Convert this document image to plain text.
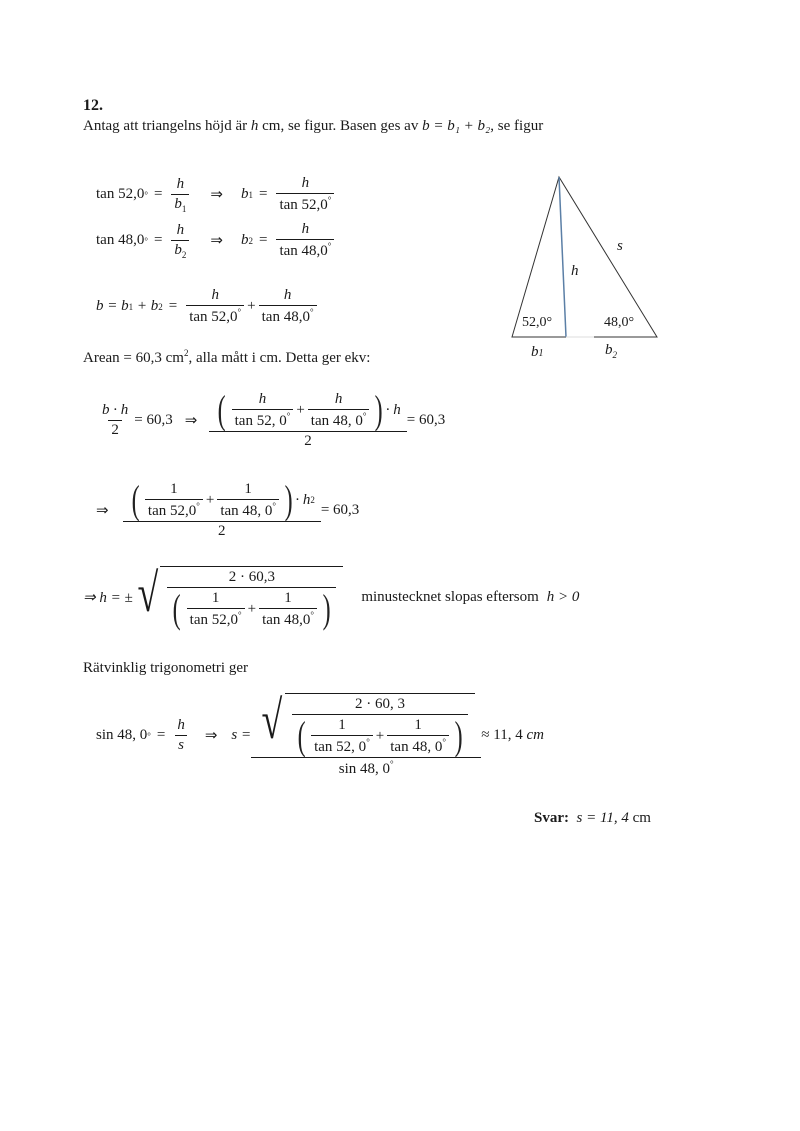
12.
Antag att triangelns höjd är h cm, se figur. Basen ges av b = b₁ + b₂, se figur
tan 52,0 ° = $\frac{h}{b_1}$ ⇒ b $1 = \frac{h}{\tan 52,0^\circ}$
tan 48,0 ° = $\frac{h}{b_2}$ ⇒ b $2 = \frac{h}{\tan 48,0^\circ}$
b = b 1
+ b $2 = \frac{h}{\tan 52,0^\circ} + \frac{h}{\tan 48,0^\circ}$
Arean = 60,3 $cm^2$, alla mått i cm. Detta ger ekv:
$\frac{b \cdot h}{2} = 60,3$ ⇒ $\frac{( \frac{h}{\tan 52, 0^\circ} + \frac{h}{\tan 48, 0^\circ} ) \cdot h}{2} = 60,3$
⇒ $\frac{( \frac{1}{\tan 52,0^\circ} + \frac{1}{\tan 48, 0^\circ} ) \cdot h 2}{2} = 60,3$
⇒ h = ± √ $\frac{2 \cdot 60,3}{( \frac{1}{\tan 52,0^\circ} + \frac{1}{\tan 48,0^\circ} )}$ minustecknet slopas eftersom h > 0
Rätvinklig trigonometri ger
sin 48, 0 ° = $\frac{h}{s}$ ⇒ s = √ $\frac{2 \cdot 60, 3}{( \frac{1}{\tan 52, 0^\circ} + \frac{1}{\tan 48, 0^\circ} )}$
sin 48, 0°
≈ 11, 4
cm
Svar: s = 11, 4 cm
52,0°	48,0°
h
s
b1	$b_2$
